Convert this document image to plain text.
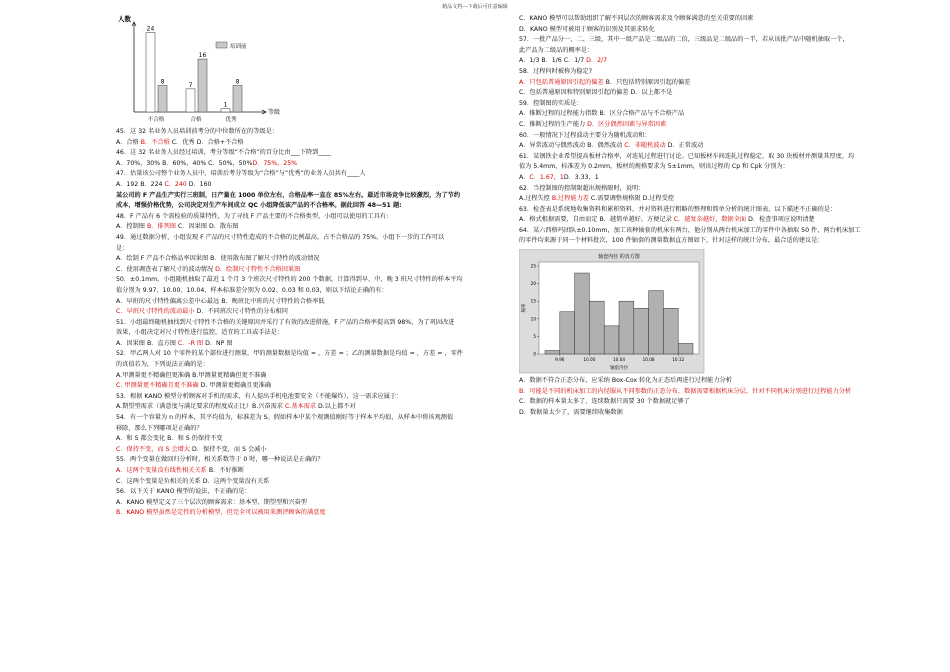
精品文档---下载后可任意编辑
人数
等级
24
8
不合格
7
16
合格
1
8
优秀
培训前
45．这 32 名业务人员培训前考分的中位数所在的等级是：
A．合格 B．不合格 C．优秀 D．合格+不合格
46．这 32 名业务人员经过培训，考分等级“不合格”的百分比由___下降到____
A．70%，30% B．60%，40% C．50%，50%D．75%，25%
47．估量该公司整个业务人员中，培训后考分等级为“合格”与“优秀”的业务人员共有____人
A．192 B．224 C．240 D．160
某公司的 F 产品生产实行三班制，日产量在 1000 单位左右，合格品率一直在 85%左右。最近市场竞争比较激烈，为了节约
成本，增强价格优势，公司决定对生产车间成立 QC 小组降低该产品的不合格率。据此回答 48—51 题:
48．F 产品有 6 个需检验的质量特性，为了寻找 F 产品主要的不合格类型，小组可以使用的工具有:
A．控制图 B．排列图 C．因果图 D．散布图
49．通过数据分析，小组发现 F 产品的尺寸特性造成的不合格的比例最高，占不合格品的 75%。小组下一步的工作可以
是：
A．绘制 F 产品不合格品率因果图 B．使用散布图了解尺寸特性的波动情况
C．使用调查表了解尺寸的波动情况 D．绘制尺寸特性不合格因果图
50．±0.1mm，小组随机抽取了最近 1 个月 3 个班次尺寸特性的 200 个数据，计算得到早、中、晚 3 班尺寸特性的样本平均
值分别为 9.97、10.00、10.04，样本标准差分别为 0.02、0.03 和 0.03，则以下结论正确的有：
A．早班的尺寸特性偏离公差中心最远 B．晚班比中班的尺寸特性的合格率低
C．早班尺寸特性的波动最小 D．不同班次尺寸特性的分布相同
51．小组最终随机抽找到尺寸特性不合格的关键原因并采行了有效的改进措施，F 产品的合格率提高到 98%，为了巩固改进
效果，小组决定对尺寸特性进行监控，适宜的工具或手法是：
A．因果图 B．直方图 C．-R 图 D．NP 图
52．甲乙两人对 10 个零件的某个部位进行测量，甲的测量数据是均值 = ，方差 = ；乙的测量数据是均值 = ，方差 = ，零件
的真值若为，下列说法正确的是：
A.甲测量更不精确但更准确 B.甲测量更精确但更不准确
C. 甲测量更不精确且更不准确 D. 甲测量更精确且更准确
53．根据 KANO 模型分析顾客对手机的需求，有人提出手机电池要安全（不能爆炸），这一需求应属于：
A.期望型需求（满意度与满足要求的程度成正比）B.兴奋需求 C.基本需求 D.以上都不对
54．有一个容量为 n 的样本，其平均值为，标准差为 S。假如样本中某个观测值刚好等于样本平均值，从样本中将该观测值
移除，那么下列哪项是正确的？
A．和 S 都会变化 B．和 S 仍保持不变
C．保持不变，而 S 会增大 D．保持不变，而 S 会减小
55．两个变量在做回归分析时，相关系数等于 0 时，哪一种说法是正确的？
A．这两个变量没有线性相关关系 B．不好推断
C．这两个变量是负相关的关系 D．这两个变量没有关系
56．以下关于 KANO 模型的说法，不正确的是：
A．KANO 模型定义了三个层次的顾客需求：基本型、期望型和兴奋型
B．KANO 模型虽然是定性的分析模型，但完全可以被用来测评顾客的满意度
C．KANO 模型可以帮助组织了解不同层次的顾客需求及令顾客满意的至关重要的因素
D．KANO 模型可被用于顾客的识别及其需求转化
57．一批产品分一、二、三级，其中一级产品是二级品的二倍，三级品是二级品的一半，若从该批产品中随机抽取一个，
此产品为二级品的概率是：
A．1/3 B．1/6 C．1/7 D．2/7
58．过程何时被称为稳定?
A．只包括普通原因引起的偏差 B．只包括特别原因引起的偏差
C．包括普通原因和特别原因引起的偏差 D．以上都不是
59．控制图的实质是：
A．推断过程的过程能力指数 B．区分合格产品与不合格产品
C．推断过程的生产能力 D．区分偶然因素与异常因素
60．一般情况下过程波动主要分为随机波动和：
A．异常波动与偶然波动 B．偶然波动 C．非随机波动 D．正常波动
61．某钢铁企业希望提高板材合格率，对连轧过程进行讨论。已知板材车间连轧过程稳定，取 30 块板材并测量其厚度，均
值为 5.4mm，标准差为 0.2mm，板材的规格要求为 5±1mm，则该过程的 Cp 和 Cpk 分别为：
A．C．1.67，1D．3.33，1
62．当控制图的控制限超出规格限时，说明：
A.过程失控 B.过程能力差 C.需要调整规格限 D.过程受控
63．检查表是系统地收集资料和累积资料，并对资料进行粗略的整理和简单分析的统计图表，以下描述不正确的是：
A．格式根据需要，自由而定 B．越简单越好，方便记录 C．越复杂越好，数据全面 D．检查事项应说明清楚
64．某六西格玛团队±0.10mm，加工该种轴套的机床有两台，他分别从两台机床加工的零件中各抽取 50 件，两台机床加工
的零件均来源于同一个材料批次，100 件轴套的测量数据直方图如下，针对这样的统计分布，最合适的建议是：
轴套内径 的直方图
0
5
10
15
20
25
频率
9.96	10.00	10.04	10.08	10.12
轴套内径
A．数据不符合正态分布，应采纳 Box-Cox 转化为正态后再进行过程能力分析
B．可能是不同的机床加工的内径服从不同参数的正态分布，数据需要根据机床分层，针对不同机床分别进行过程能力分析
C．数据的样本量太多了，连续数据只需要 30 个数据就足够了
D．数据量太少了，需要继续收集数据
